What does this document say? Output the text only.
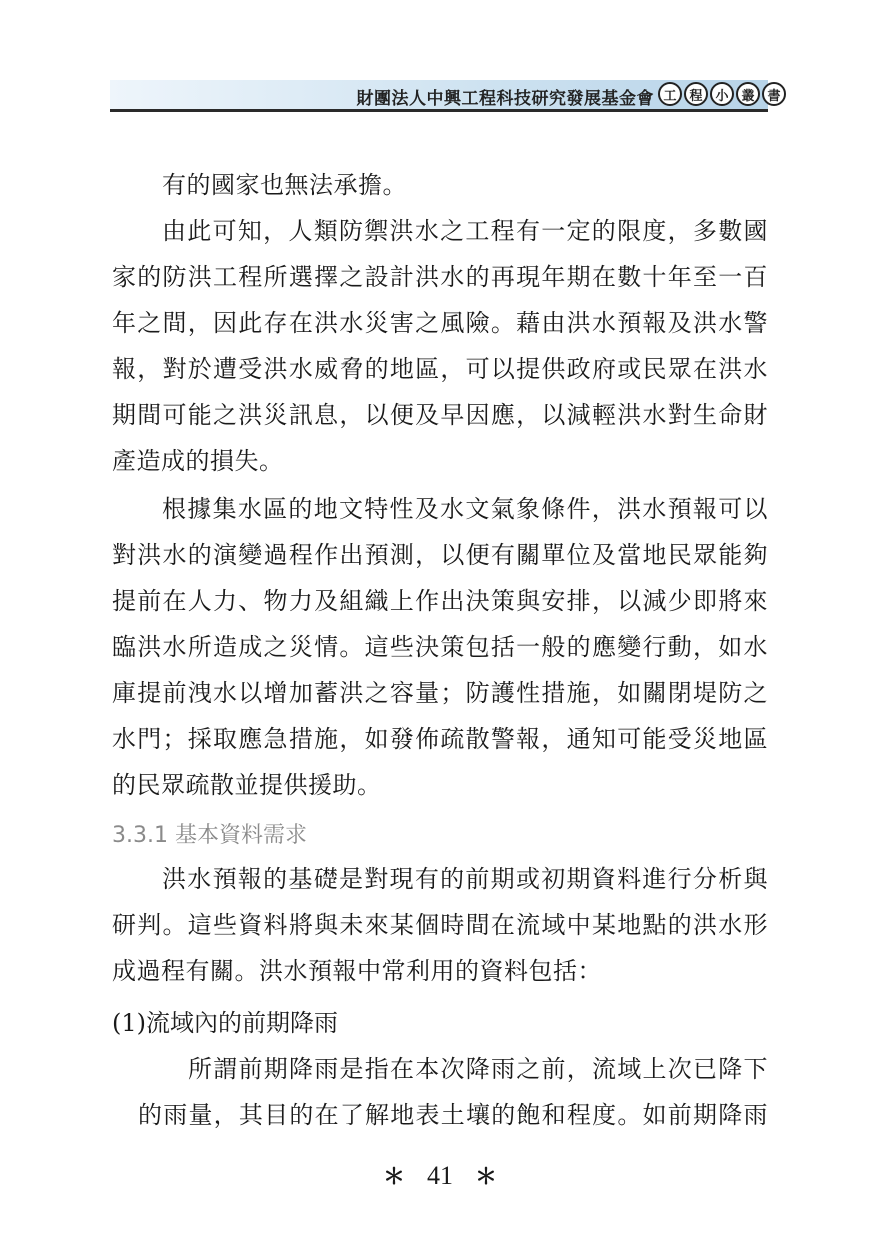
財團法人中興工程科技研究發展基金會 工 程 小 叢 書
有的國家也無法承擔。
由此可知，人類防禦洪水之工程有一定的限度，多數國
家的防洪工程所選擇之設計洪水的再現年期在數十年至一百
年之間，因此存在洪水災害之風險。藉由洪水預報及洪水警
報，對於遭受洪水威脅的地區，可以提供政府或民眾在洪水
期間可能之洪災訊息，以便及早因應，以減輕洪水對生命財
產造成的損失。
根據集水區的地文特性及水文氣象條件，洪水預報可以
對洪水的演變過程作出預測，以便有關單位及當地民眾能夠
提前在人力、物力及組織上作出決策與安排，以減少即將來
臨洪水所造成之災情。這些決策包括一般的應變行動，如水
庫提前洩水以增加蓄洪之容量；防護性措施，如關閉堤防之
水門；採取應急措施，如發佈疏散警報，通知可能受災地區
的民眾疏散並提供援助。
3.3.1 基本資料需求
洪水預報的基礎是對現有的前期或初期資料進行分析與
研判。這些資料將與未來某個時間在流域中某地點的洪水形
成過程有關。洪水預報中常利用的資料包括：
(1)流域內的前期降雨
所謂前期降雨是指在本次降雨之前，流域上次已降下
的雨量，其目的在了解地表土壤的飽和程度。如前期降雨
＊ 41 ＊
